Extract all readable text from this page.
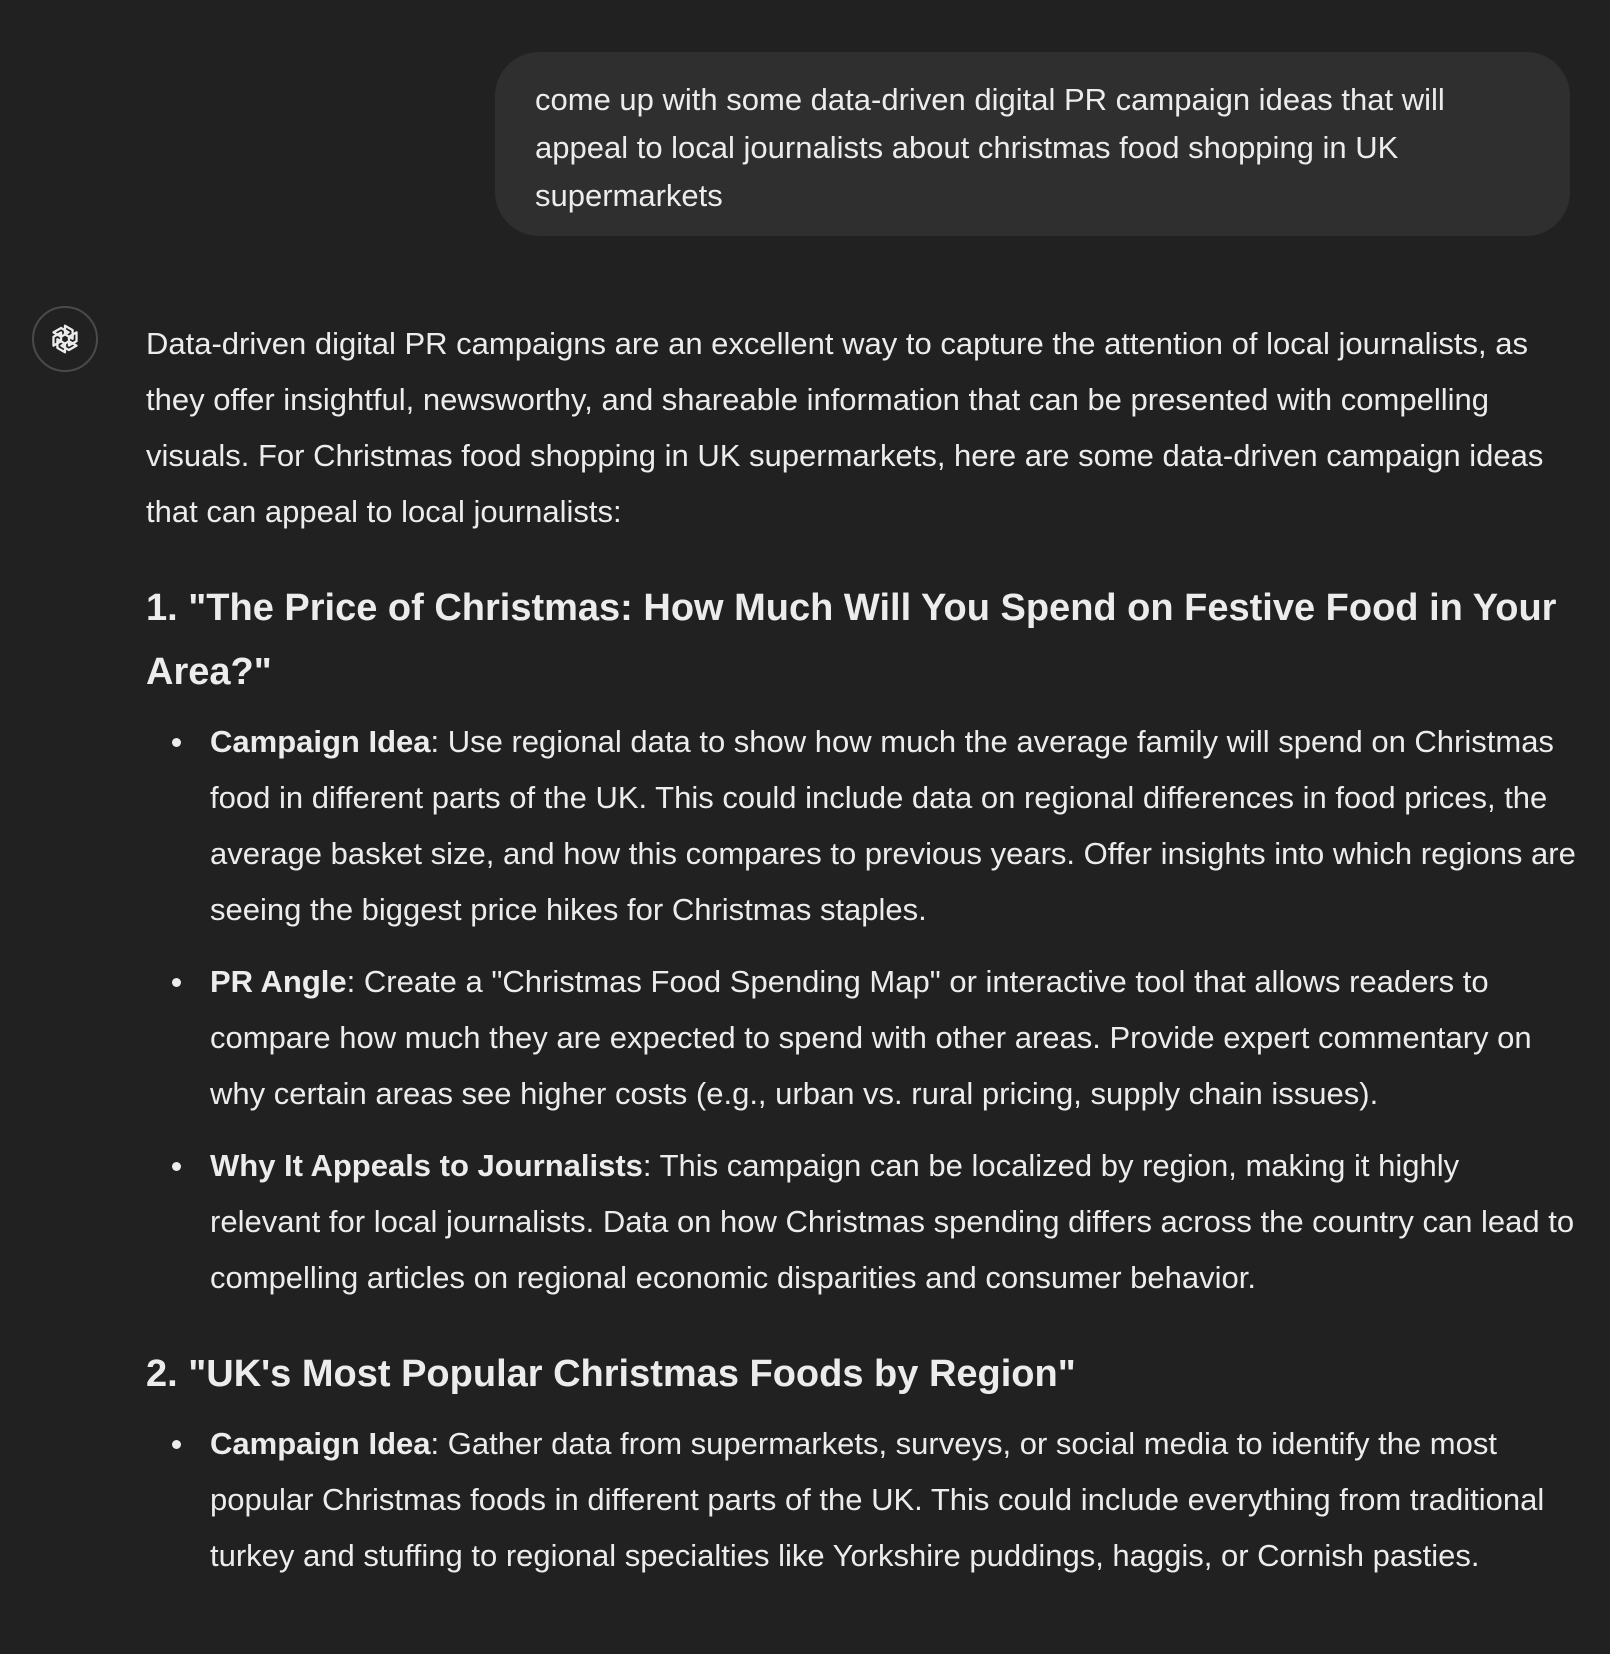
come up with some data-driven digital PR campaign ideas that will appeal to local journalists about christmas food shopping in UK supermarkets

Data-driven digital PR campaigns are an excellent way to capture the attention of local journalists, as they offer insightful, newsworthy, and shareable information that can be presented with compelling visuals. For Christmas food shopping in UK supermarkets, here are some data-driven campaign ideas that can appeal to local journalists:

1. "The Price of Christmas: How Much Will You Spend on Festive Food in Your Area?"
Campaign Idea: Use regional data to show how much the average family will spend on Christmas food in different parts of the UK. This could include data on regional differences in food prices, the average basket size, and how this compares to previous years. Offer insights into which regions are seeing the biggest price hikes for Christmas staples.
PR Angle: Create a "Christmas Food Spending Map" or interactive tool that allows readers to compare how much they are expected to spend with other areas. Provide expert commentary on why certain areas see higher costs (e.g., urban vs. rural pricing, supply chain issues).
Why It Appeals to Journalists: This campaign can be localized by region, making it highly relevant for local journalists. Data on how Christmas spending differs across the country can lead to compelling articles on regional economic disparities and consumer behavior.
2. "UK's Most Popular Christmas Foods by Region"
Campaign Idea: Gather data from supermarkets, surveys, or social media to identify the most popular Christmas foods in different parts of the UK. This could include everything from traditional turkey and stuffing to regional specialties like Yorkshire puddings, haggis, or Cornish pasties.
